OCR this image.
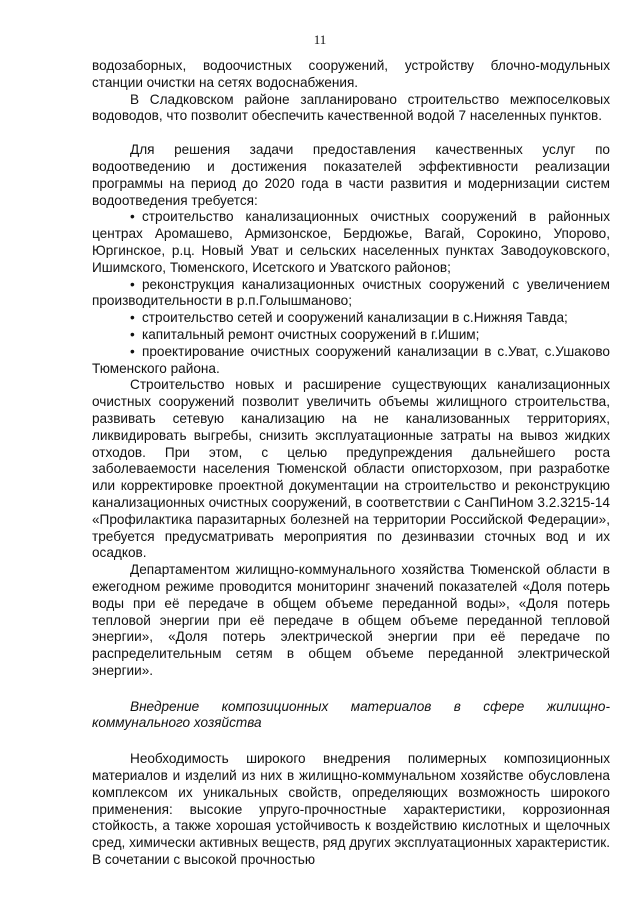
11

водозаборных, водоочистных сооружений, устройству блочно-модульных станции очистки на сетях водоснабжения.

В Сладковском районе запланировано строительство межпоселковых водоводов, что позволит обеспечить качественной водой 7 населенных пунктов.

Для решения задачи предоставления качественных услуг по водоотведению и достижения показателей эффективности реализации программы на период до 2020 года в части развития и модернизации систем водоотведения требуется:

• строительство канализационных очистных сооружений в районных центрах Аромашево, Армизонское, Бердюжье, Вагай, Сорокино, Упорово, Юргинское, р.ц. Новый Уват и сельских населенных пунктах Заводоуковского, Ишимского, Тюменского, Исетского и Уватского районов;

• реконструкция канализационных очистных сооружений с увеличением производительности в р.п.Голышманово;

• строительство сетей и сооружений канализации в с.Нижняя Тавда;

• капитальный ремонт очистных сооружений в г.Ишим;

• проектирование очистных сооружений канализации в с.Уват, с.Ушаково Тюменского района.

Строительство новых и расширение существующих канализационных очистных сооружений позволит увеличить объемы жилищного строительства, развивать сетевую канализацию на не канализованных территориях, ликвидировать выгребы, снизить эксплуатационные затраты на вывоз жидких отходов. При этом, с целью предупреждения дальнейшего роста заболеваемости населения Тюменской области описторхозом, при разработке или корректировке проектной документации на строительство и реконструкцию канализационных очистных сооружений, в соответствии с СанПиНом 3.2.3215-14 «Профилактика паразитарных болезней на территории Российской Федерации», требуется предусматривать мероприятия по дезинвазии сточных вод и их осадков.

Департаментом жилищно-коммунального хозяйства Тюменской области в ежегодном режиме проводится мониторинг значений показателей «Доля потерь воды при её передаче в общем объеме переданной воды», «Доля потерь тепловой энергии при её передаче в общем объеме переданной тепловой энергии», «Доля потерь электрической энергии при её передаче по распределительным сетям в общем объеме переданной электрической энергии».

Внедрение композиционных материалов в сфере жилищно-коммунального хозяйства

Необходимость широкого внедрения полимерных композиционных материалов и изделий из них в жилищно-коммунальном хозяйстве обусловлена комплексом их уникальных свойств, определяющих возможность широкого применения: высокие упруго-прочностные характеристики, коррозионная стойкость, а также хорошая устойчивость к воздействию кислотных и щелочных сред, химически активных веществ, ряд других эксплуатационных характеристик. В сочетании с высокой прочностью
